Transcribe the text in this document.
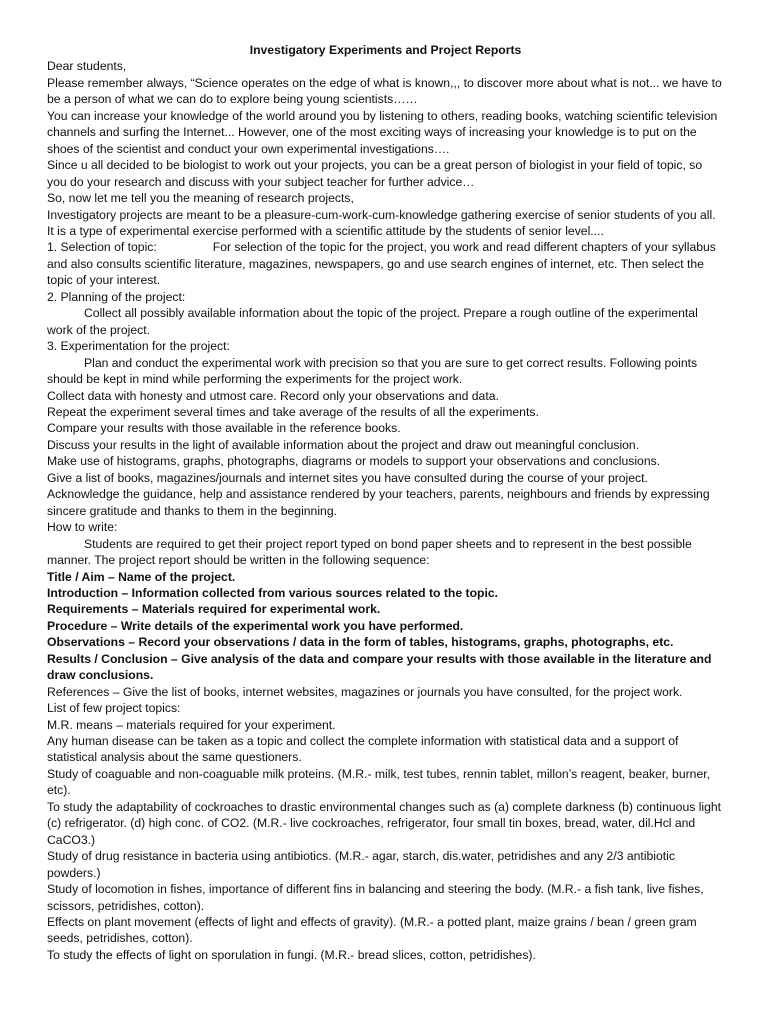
Investigatory Experiments and Project Reports

Dear students,

Please remember always, “Science operates on the edge of what is known,,, to discover more about what is not... we have to be a person of what we can do to explore being young scientists……

You can increase your knowledge of the world around you by listening to others, reading books, watching scientific television channels and surfing the Internet... However, one of the most exciting ways of increasing your knowledge is to put on the shoes of the scientist and conduct your own experimental investigations….

Since u all decided to be biologist to work out your projects, you can be a great person of biologist in your field of topic, so you do your research and discuss with your subject teacher for further advice…

So, now let me tell you the meaning of research projects,

Investigatory projects are meant to be a pleasure-cum-work-cum-knowledge gathering exercise of senior students of you all. It is a type of experimental exercise performed with a scientific attitude by the students of senior level....

1. Selection of topic:	For selection of the topic for the project, you work and read different chapters of your syllabus and also consults scientific literature, magazines, newspapers, go and use search engines of internet, etc. Then select the topic of your interest.

2. Planning of the project:

Collect all possibly available information about the topic of the project. Prepare a rough outline of the experimental work of the project.

3. Experimentation for the project:

Plan and conduct the experimental work with precision so that you are sure to get correct results. Following points should be kept in mind while performing the experiments for the project work.

Collect data with honesty and utmost care. Record only your observations and data.

Repeat the experiment several times and take average of the results of all the experiments.

Compare your results with those available in the reference books.

Discuss your results in the light of available information about the project and draw out meaningful conclusion.

Make use of histograms, graphs, photographs, diagrams or models to support your observations and conclusions.

Give a list of books, magazines/journals and internet sites you have consulted during the course of your project.

Acknowledge the guidance, help and assistance rendered by your teachers, parents, neighbours and friends by expressing sincere gratitude and thanks to them in the beginning.

How to write:

Students are required to get their project report typed on bond paper sheets and to represent in the best possible manner. The project report should be written in the following sequence:

Title / Aim – Name of the project.

Introduction – Information collected from various sources related to the topic.

Requirements – Materials required for experimental work.

Procedure – Write details of the experimental work you have performed.

Observations – Record your observations / data in the form of tables, histograms, graphs, photographs, etc.

Results / Conclusion – Give analysis of the data and compare your results with those available in the literature and draw conclusions.

References – Give the list of books, internet websites, magazines or journals you have consulted, for the project work.

List of few project topics:

M.R. means – materials required for your experiment.

Any human disease can be taken as a topic and collect the complete information with statistical data and a support of statistical analysis about the same questioners.

Study of coaguable and non-coaguable milk proteins. (M.R.- milk, test tubes, rennin tablet, millon’s reagent, beaker, burner, etc).

To study the adaptability of cockroaches to drastic environmental changes such as (a) complete darkness (b) continuous light (c) refrigerator. (d) high conc. of CO2. (M.R.- live cockroaches, refrigerator, four small tin boxes, bread, water, dil.Hcl and CaCO3.)

Study of drug resistance in bacteria using antibiotics. (M.R.- agar, starch, dis.water, petridishes and any 2/3 antibiotic powders.)

Study of locomotion in fishes, importance of different fins in balancing and steering the body. (M.R.- a fish tank, live fishes, scissors, petridishes, cotton).

Effects on plant movement (effects of light and effects of gravity). (M.R.- a potted plant, maize grains / bean / green gram seeds, petridishes, cotton).

To study the effects of light on sporulation in fungi. (M.R.- bread slices, cotton, petridishes).
